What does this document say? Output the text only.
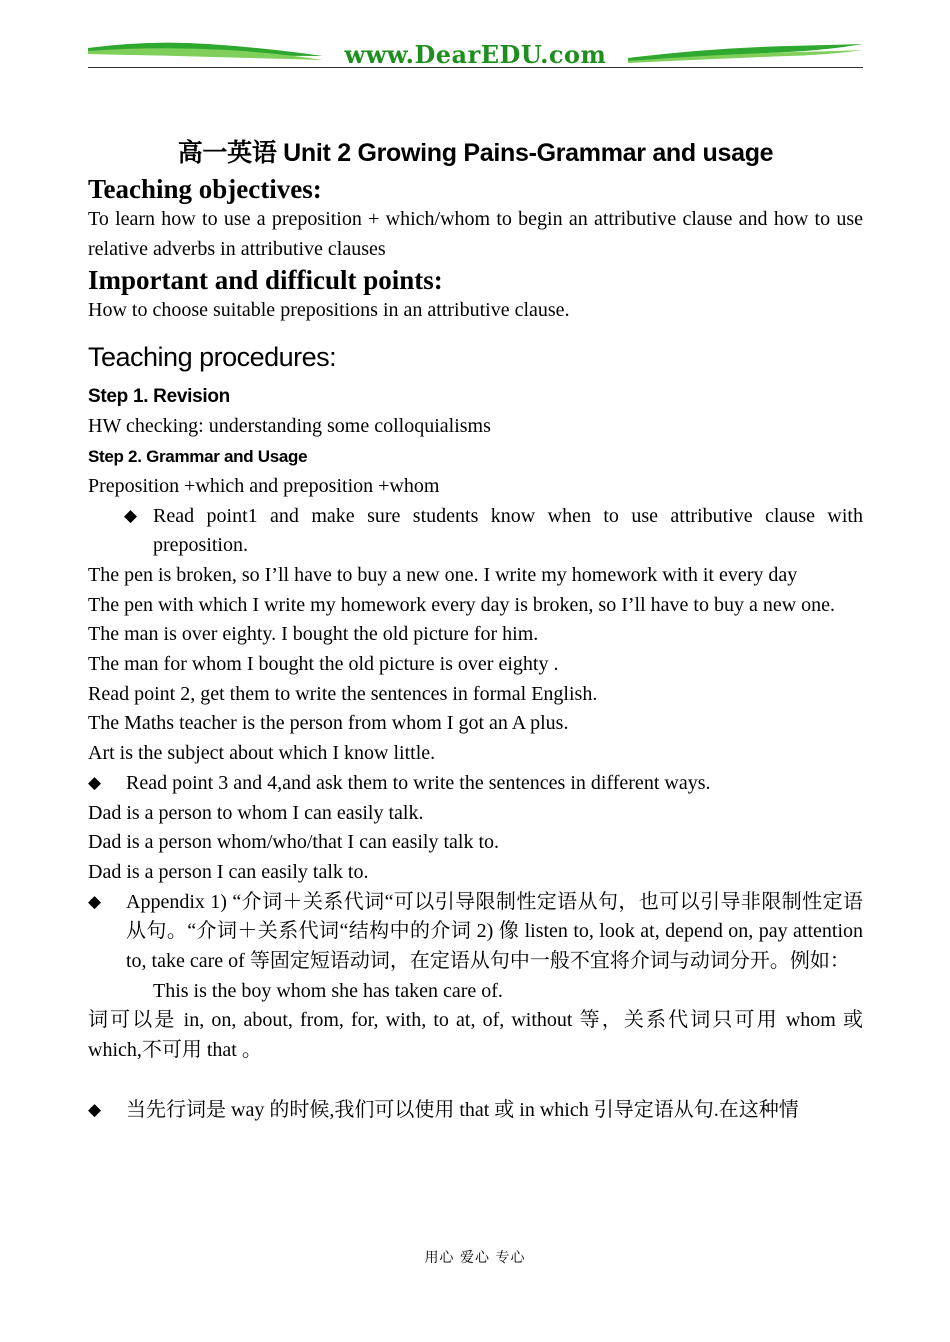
www.DearEDU.com
高一英语 Unit 2 Growing Pains-Grammar and usage
Teaching objectives:

To learn how to use a preposition + which/whom to begin an attributive clause and how to use relative adverbs in attributive clauses

Important and difficult points:

How to choose suitable prepositions in an attributive clause.

Teaching procedures:
Step 1. Revision

HW checking: understanding some colloquialisms

Step 2. Grammar and Usage

Preposition +which and preposition +whom

◆ Read point1 and make sure students know when to use attributive clause with preposition.

The pen is broken, so I’ll have to buy a new one. I write my homework with it every day

The pen with which I write my homework every day is broken, so I’ll have to buy a new one.

The man is over eighty. I bought the old picture for him.

The man for whom I bought the old picture is over eighty .

Read point 2, get them to write the sentences in formal English.

The Maths teacher is the person from whom I got an A plus.

Art is the subject about which I know little.

◆ Read point 3 and 4,and ask them to write the sentences in different ways.

Dad is a person to whom I can easily talk.

Dad is a person whom/who/that I can easily talk to.

Dad is a person I can easily talk to.

◆ Appendix 1) “介词＋关系代词“可以引导限制性定语从句，也可以引导非限制性定语从句。“介词＋关系代词“结构中的介词 2) 像 listen to, look at, depend on, pay attention to, take care of 等固定短语动词，在定语从句中一般不宜将介词与动词分开。例如：
This is the boy whom she has taken care of.

词可以是 in, on, about, from, for, with, to at, of, without 等，关系代词只可用 whom 或 which,不可用 that 。

◆ 当先行词是 way 的时候,我们可以使用 that 或 in which 引导定语从句.在这种情
用心 爱心 专心
